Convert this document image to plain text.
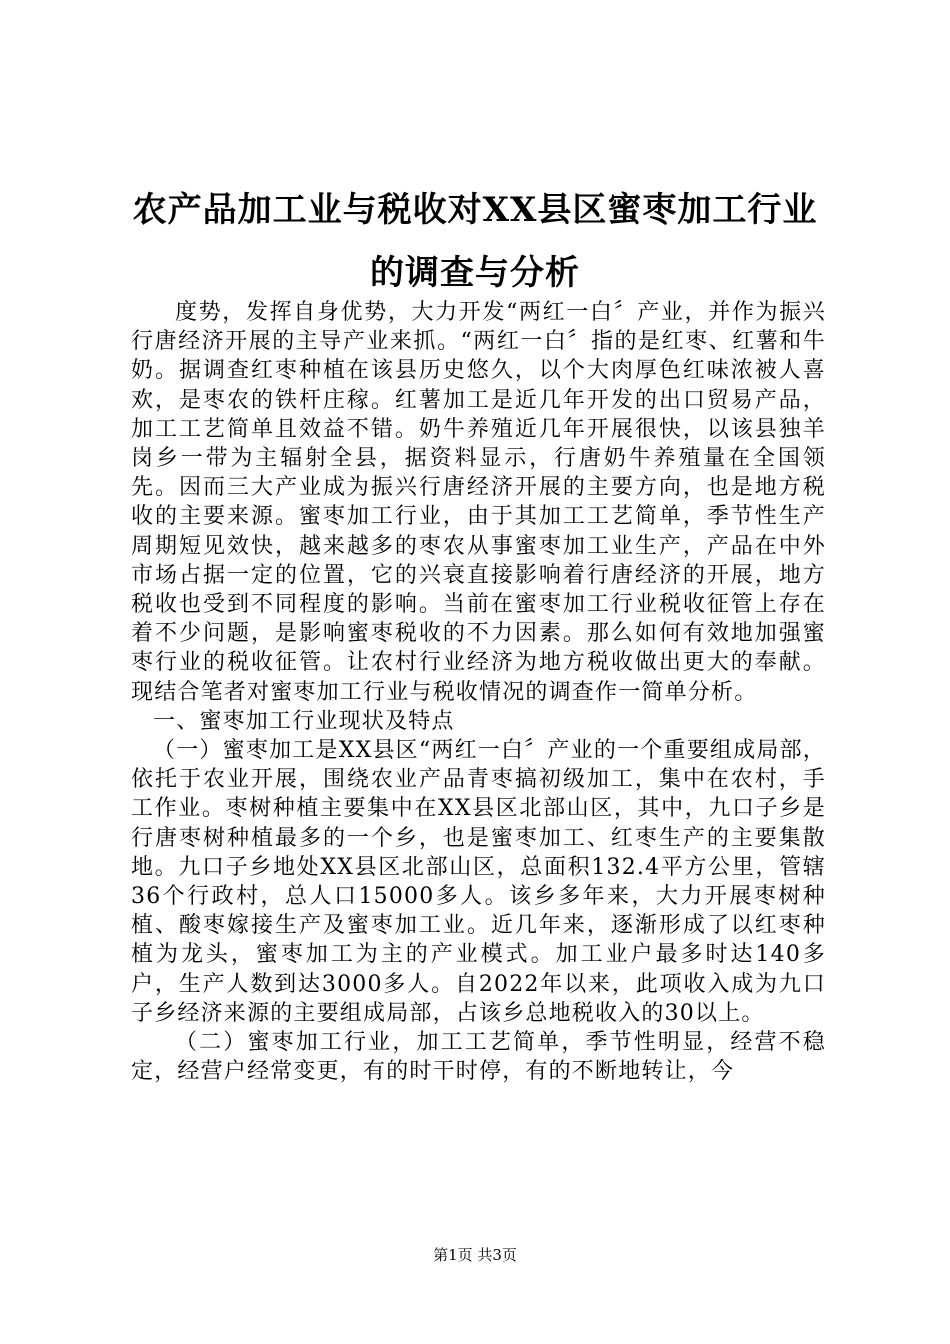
农产品加工业与税收对XX县区蜜枣加工行业
的调查与分析

度势，发挥自身优势，大力开发“两红一白〞产业，并作为振兴行唐经济开展的主导产业来抓。“两红一白〞指的是红枣、红薯和牛奶。据调查红枣种植在该县历史悠久，以个大肉厚色红味浓被人喜欢，是枣农的铁杆庄稼。红薯加工是近几年开发的出口贸易产品，加工工艺简单且效益不错。奶牛养殖近几年开展很快，以该县独羊岗乡一带为主辐射全县，据资料显示，行唐奶牛养殖量在全国领先。因而三大产业成为振兴行唐经济开展的主要方向，也是地方税收的主要来源。蜜枣加工行业，由于其加工工艺简单，季节性生产周期短见效快，越来越多的枣农从事蜜枣加工业生产，产品在中外市场占据一定的位置，它的兴衰直接影响着行唐经济的开展，地方税收也受到不同程度的影响。当前在蜜枣加工行业税收征管上存在着不少问题，是影响蜜枣税收的不力因素。那么如何有效地加强蜜枣行业的税收征管。让农村行业经济为地方税收做出更大的奉献。现结合笔者对蜜枣加工行业与税收情况的调查作一简单分析。

一、蜜枣加工行业现状及特点

（一）蜜枣加工是XX县区“两红一白〞产业的一个重要组成局部，依托于农业开展，围绕农业产品青枣搞初级加工，集中在农村，手工作业。枣树种植主要集中在XX县区北部山区，其中，九口子乡是行唐枣树种植最多的一个乡，也是蜜枣加工、红枣生产的主要集散地。九口子乡地处XX县区北部山区，总面积132.4平方公里，管辖36个行政村，总人口15000多人。该乡多年来，大力开展枣树种植、酸枣嫁接生产及蜜枣加工业。近几年来，逐渐形成了以红枣种植为龙头，蜜枣加工为主的产业模式。加工业户最多时达140多户，生产人数到达3000多人。自2022年以来，此项收入成为九口子乡经济来源的主要组成局部，占该乡总地税收入的30以上。

（二）蜜枣加工行业，加工工艺简单，季节性明显，经营不稳定，经营户经常变更，有的时干时停，有的不断地转让，今

第1页 共3页
